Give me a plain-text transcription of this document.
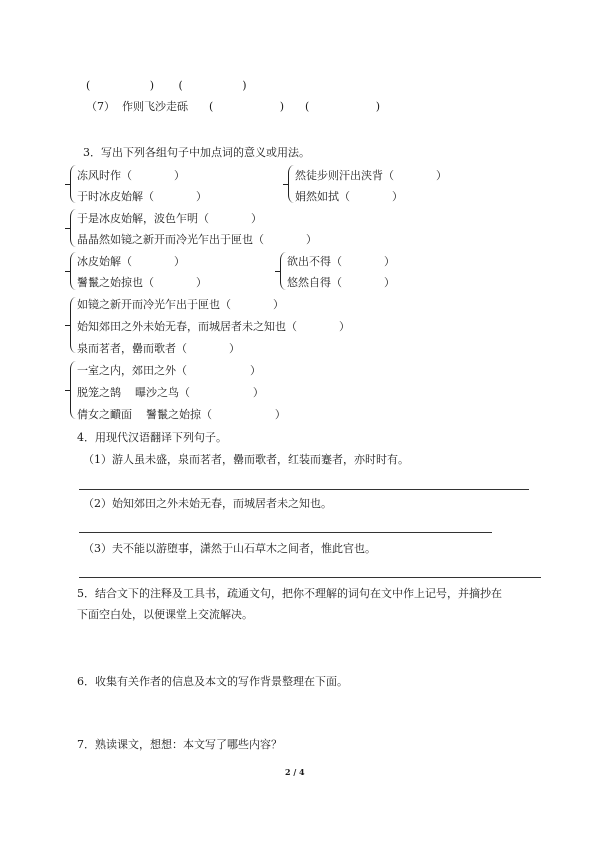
(                 )       (                 )
（7）  作则飞沙走砾      (                   )      (                   )
3．写出下列各组句子中加点词的意义或用法。
冻风时作（            ）
于时冰皮始解（            ）
然徒步则汗出浃背（            ）
娟然如拭（            ）
于是冰皮始解，波色乍明（            ）
晶晶然如镜之新开而冷光乍出于匣也（            ）
冰皮始解（            ）
鬐鬣之始掠也（            ）
欲出不得（            ）
悠然自得（            ）
如镜之新开而冷光乍出于匣也（            ）
始知郊田之外未始无春，而城居者未之知也（            ）
泉而茗者，罍而歌者（            ）
一室之内，郊田之外（                  ）
脱笼之鹄    曝沙之鸟（                  ）
倩女之靧面    鬐鬣之始掠（                  ）
4．用现代汉语翻译下列句子。
（1）游人虽未盛，泉而茗者，罍而歌者，红装而蹇者，亦时时有。
（2）始知郊田之外未始无春，而城居者未之知也。
（3）夫不能以游堕事，潇然于山石草木之间者，惟此官也。
5．结合文下的注释及工具书，疏通文句，把你不理解的词句在文中作上记号，并摘抄在
下面空白处，以便课堂上交流解决。
6．收集有关作者的信息及本文的写作背景整理在下面。
7．熟读课文，想想：本文写了哪些内容？
2 / 4
